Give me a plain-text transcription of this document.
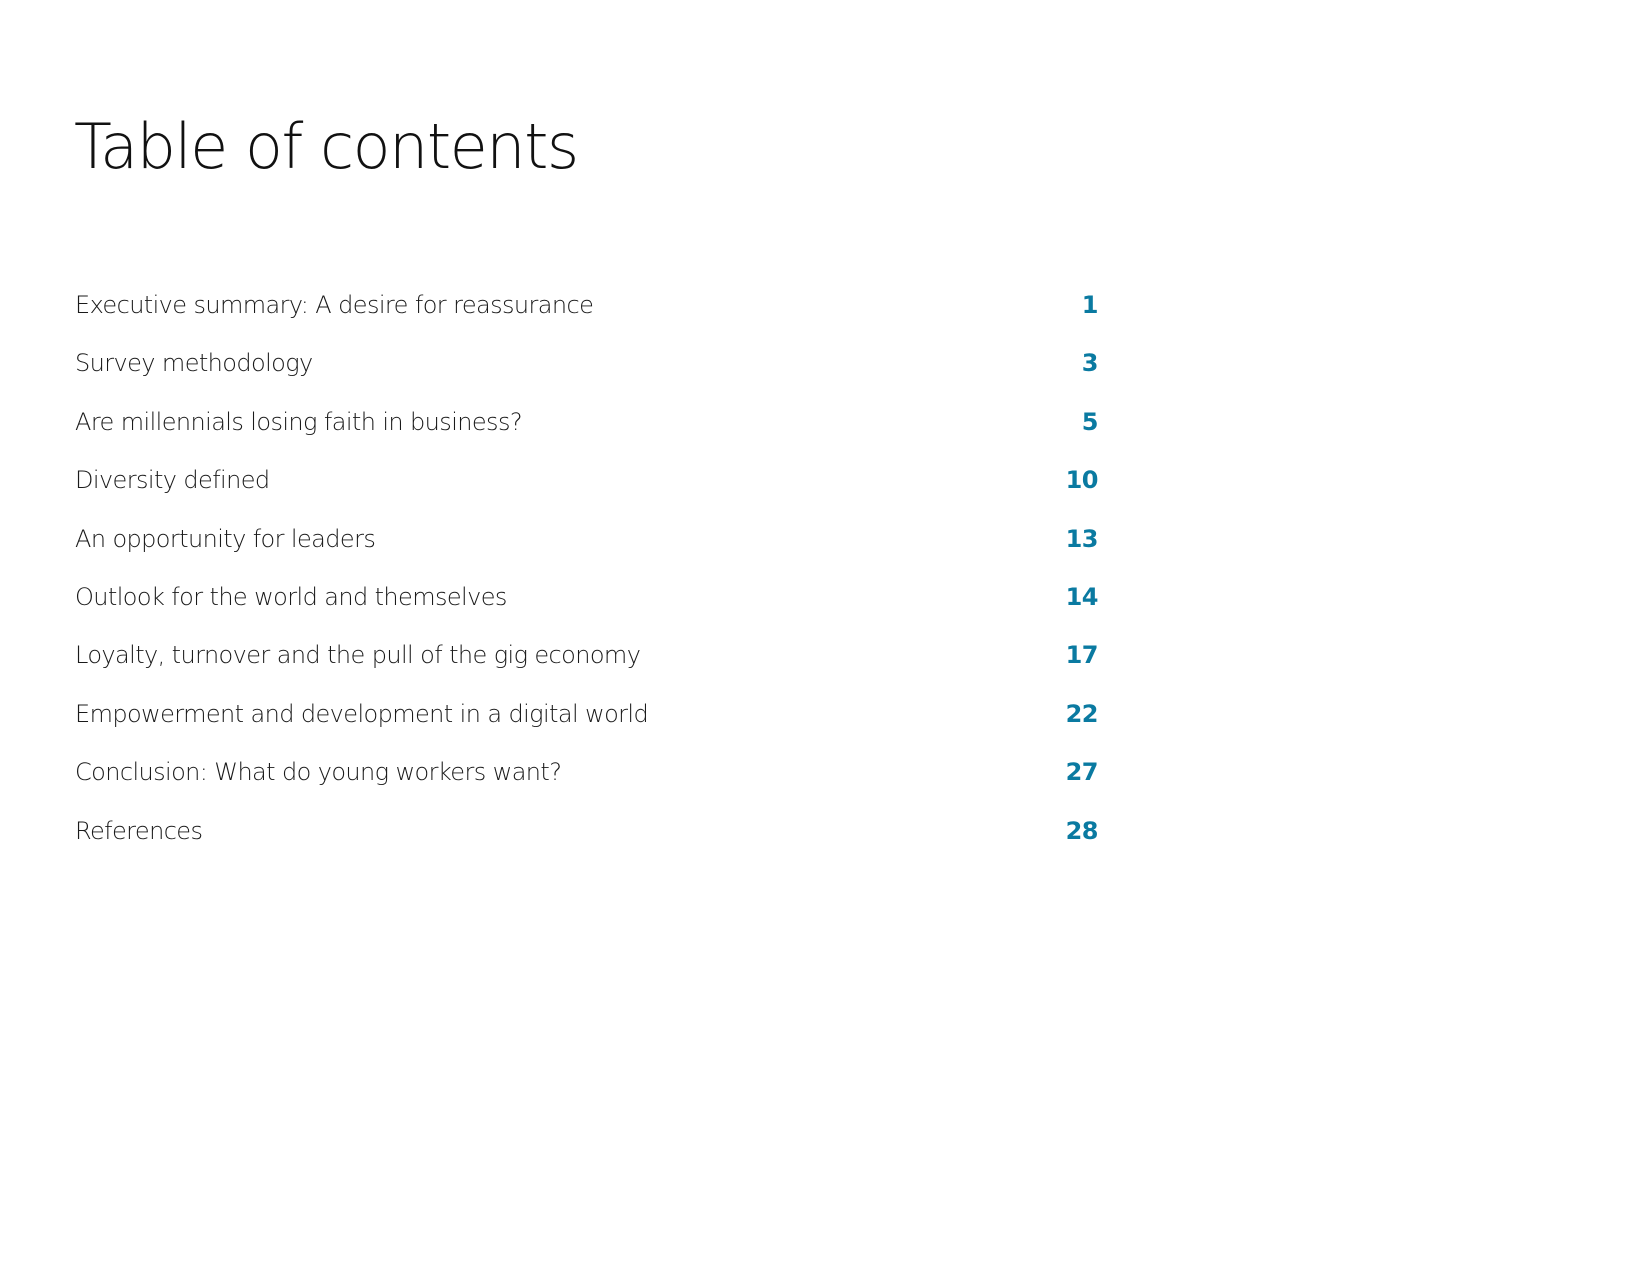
Table of contents
Executive summary: A desire for reassurance	1
Survey methodology	3
Are millennials losing faith in business?	5
Diversity defined	10
An opportunity for leaders	13
Outlook for the world and themselves	14
Loyalty, turnover and the pull of the gig economy	17
Empowerment and development in a digital world	22
Conclusion: What do young workers want?	27
References	28
